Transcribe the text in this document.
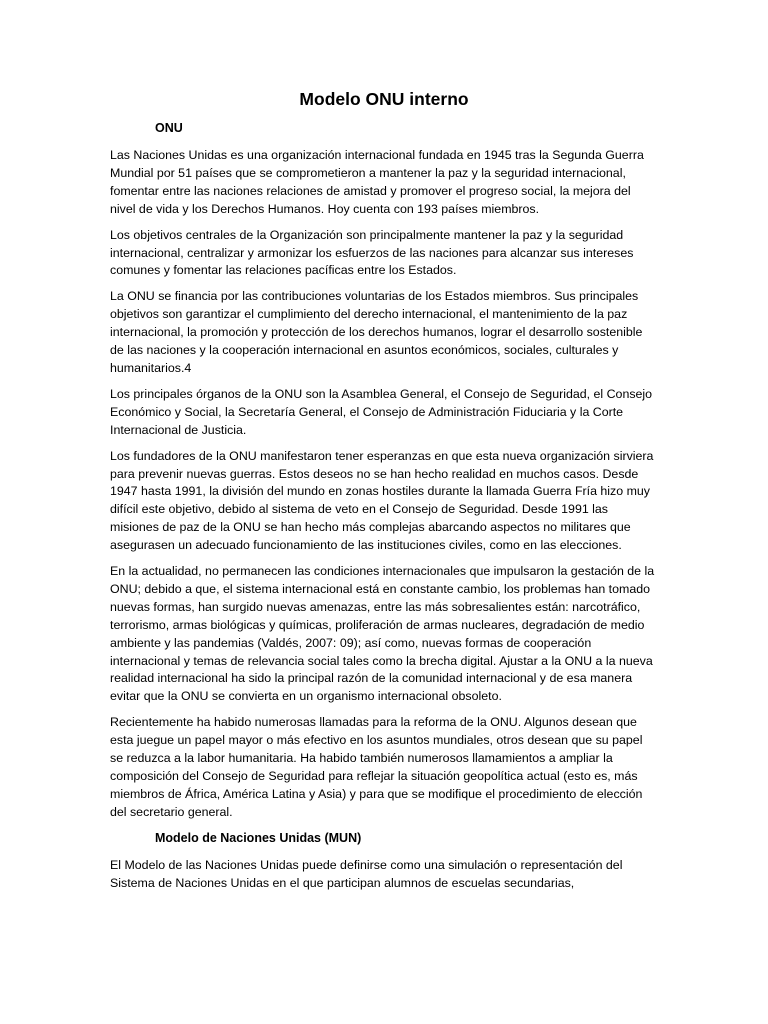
Modelo ONU interno
ONU

Las Naciones Unidas es una organización internacional fundada en 1945 tras la Segunda Guerra Mundial por 51 países que se comprometieron a mantener la paz y la seguridad internacional, fomentar entre las naciones relaciones de amistad y promover el progreso social, la mejora del nivel de vida y los Derechos Humanos. Hoy cuenta con 193 países miembros.

Los objetivos centrales de la Organización son principalmente mantener la paz y la seguridad internacional, centralizar y armonizar los esfuerzos de las naciones para alcanzar sus intereses comunes y fomentar las relaciones pacíficas entre los Estados.

La ONU se financia por las contribuciones voluntarias de los Estados miembros. Sus principales objetivos son garantizar el cumplimiento del derecho internacional, el mantenimiento de la paz internacional, la promoción y protección de los derechos humanos, lograr el desarrollo sostenible de las naciones y la cooperación internacional en asuntos económicos, sociales, culturales y humanitarios.4

Los principales órganos de la ONU son la Asamblea General, el Consejo de Seguridad, el Consejo Económico y Social, la Secretaría General, el Consejo de Administración Fiduciaria y la Corte Internacional de Justicia.

Los fundadores de la ONU manifestaron tener esperanzas en que esta nueva organización sirviera para prevenir nuevas guerras. Estos deseos no se han hecho realidad en muchos casos. Desde 1947 hasta 1991, la división del mundo en zonas hostiles durante la llamada Guerra Fría hizo muy difícil este objetivo, debido al sistema de veto en el Consejo de Seguridad. Desde 1991 las misiones de paz de la ONU se han hecho más complejas abarcando aspectos no militares que asegurasen un adecuado funcionamiento de las instituciones civiles, como en las elecciones.

En la actualidad, no permanecen las condiciones internacionales que impulsaron la gestación de la ONU; debido a que, el sistema internacional está en constante cambio, los problemas han tomado nuevas formas, han surgido nuevas amenazas, entre las más sobresalientes están: narcotráfico, terrorismo, armas biológicas y químicas, proliferación de armas nucleares, degradación de medio ambiente y las pandemias (Valdés, 2007: 09); así como, nuevas formas de cooperación internacional y temas de relevancia social tales como la brecha digital. Ajustar a la ONU a la nueva realidad internacional ha sido la principal razón de la comunidad internacional y de esa manera evitar que la ONU se convierta en un organismo internacional obsoleto.

Recientemente ha habido numerosas llamadas para la reforma de la ONU. Algunos desean que esta juegue un papel mayor o más efectivo en los asuntos mundiales, otros desean que su papel se reduzca a la labor humanitaria. Ha habido también numerosos llamamientos a ampliar la composición del Consejo de Seguridad para reflejar la situación geopolítica actual (esto es, más miembros de África, América Latina y Asia) y para que se modifique el procedimiento de elección del secretario general.

Modelo de Naciones Unidas (MUN)

El Modelo de las Naciones Unidas puede definirse como una simulación o representación del Sistema de Naciones Unidas en el que participan alumnos de escuelas secundarias,
